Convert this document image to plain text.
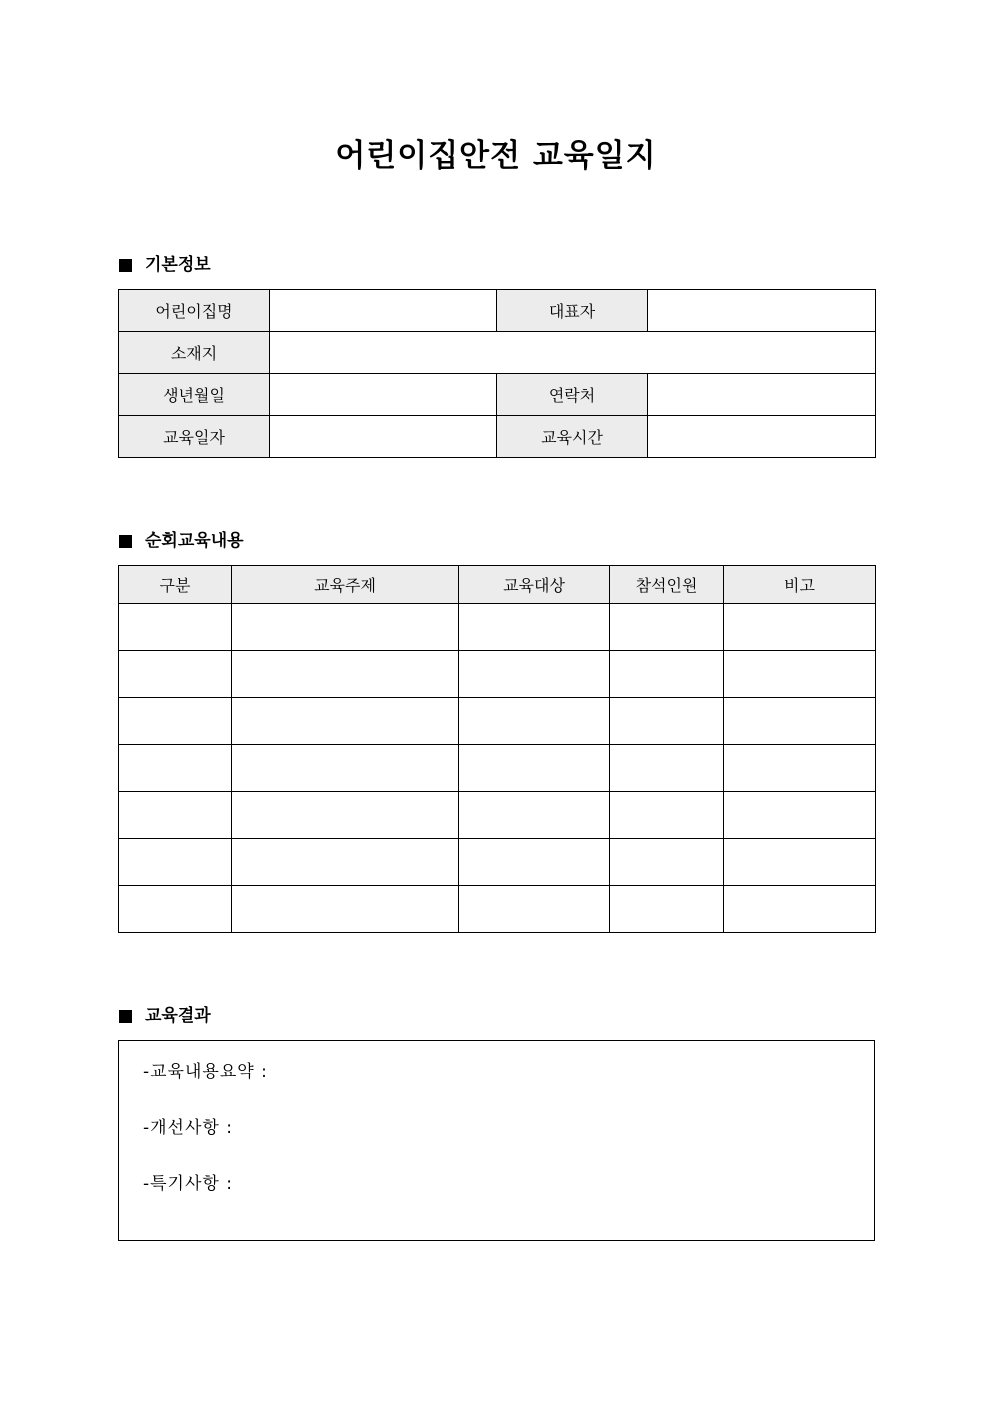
어린이집안전 교육일지
기본정보
어린이집명		대표자	
소재지			
생년월일		연락처	
교육일자		교육시간	
순회교육내용
구분	교육주제	교육대상	참석인원	비고

교육결과
-교육내용요약 :
-개선사항 :
-특기사항 :
